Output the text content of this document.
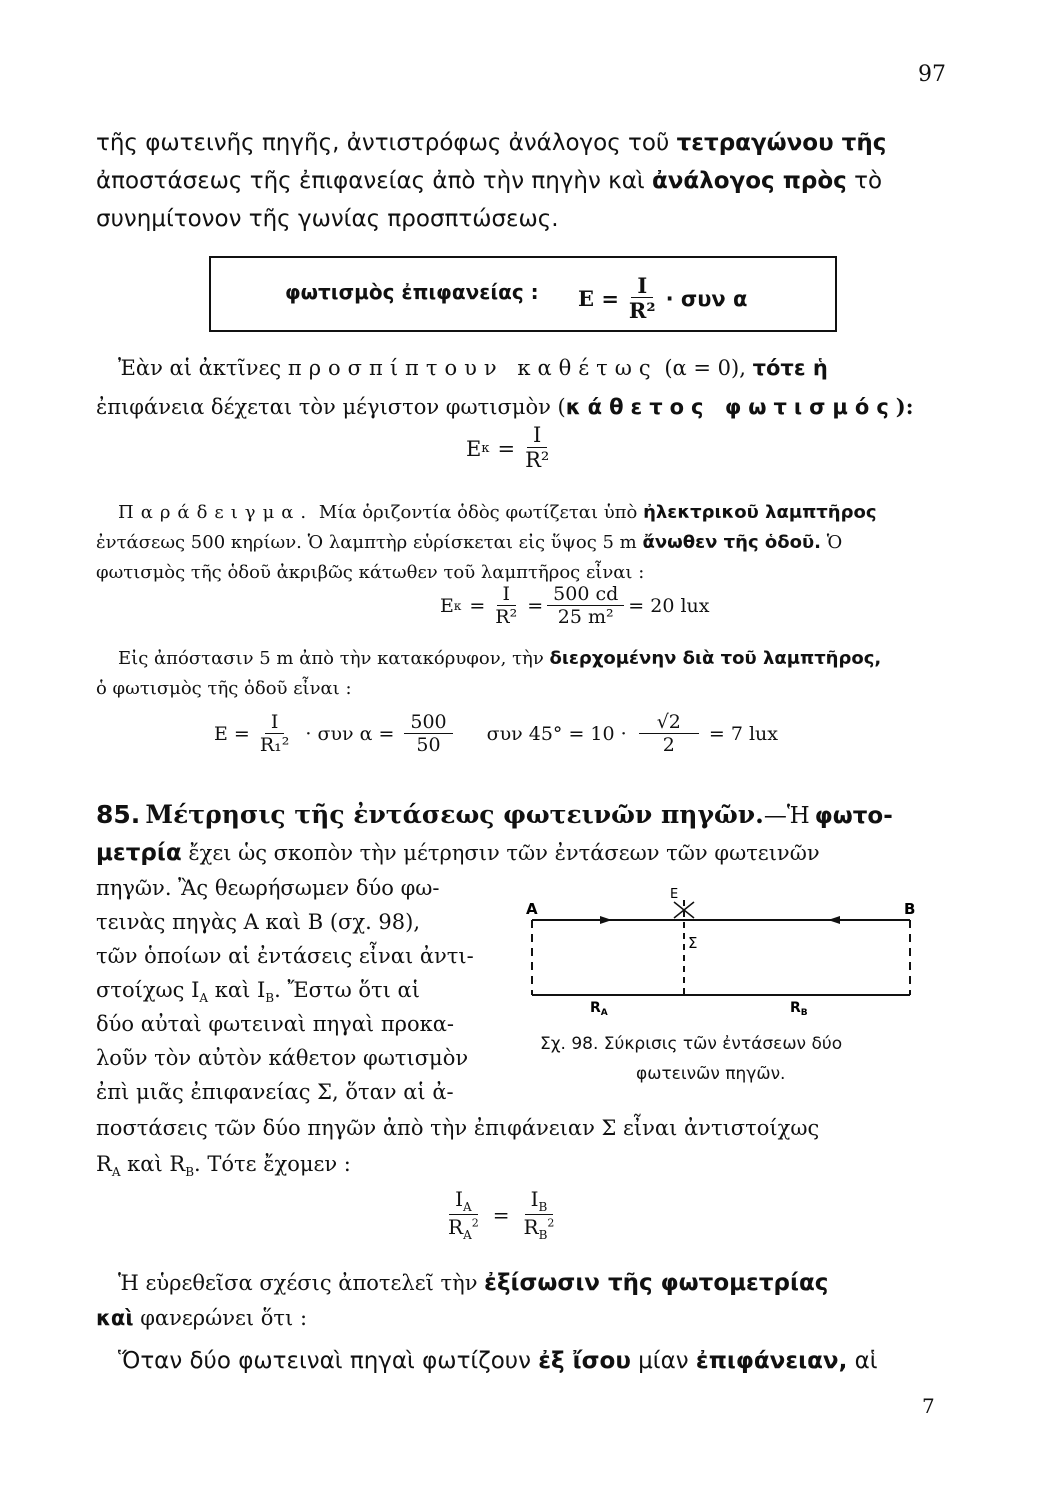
97
τῆς φωτεινῆς πηγῆς, ἀντιστρόφως ἀνάλογος τοῦ τετραγώνου τῆς
ἀποστάσεως τῆς ἐπιφανείας ἀπὸ τὴν πηγὴν καὶ ἀνάλογος πρὸς τὸ
συνημίτονον τῆς γωνίας προσπτώσεως.
φωτισμὸς ἐπιφανείας : $E = \frac{I}{\text{R²}} \cdot \sigma\upsilon\nu$ α
Ἐὰν αἱ ἀκτῖνες προσπίπτουν καθέτως (α = 0), τότε ἡ
ἐπιφάνεια δέχεται τὸν μέγιστον φωτισμὸν (κάθετος φωτισμός):
E $\kappa = \frac{I}{\text{R²}}$
Παράδειγμα. Μία ὁριζοντία ὁδὸς φωτίζεται ὑπὸ ἠλεκτρικοῦ λαμπτῆρος
ἐντάσεως 500 κηρίων. Ὁ λαμπτὴρ εὑρίσκεται εἰς ὕψος 5 m ἄνωθεν τῆς ὁδοῦ. Ὁ
φωτισμὸς τῆς ὁδοῦ ἀκριβῶς κάτωθεν τοῦ λαμπτῆρος εἶναι :
E $\kappa = \frac{I}{\text{R²}} = \frac{500 cd}{\text{25 m²}} = 20$ lux
Εἰς ἀπόστασιν 5 m ἀπὸ τὴν κατακόρυφον, τὴν διερχομένην διὰ τοῦ λαμπτῆρος,
ὁ φωτισμὸς τῆς ὁδοῦ εἶναι :
$E = \frac{I}{\text{R₁²}} \cdot \sigma\upsilon\nu$ $\alpha = \frac{500}{50}$ συν $45^\circ = 10 \cdot \frac{√2}{2} = 7$ lux
85. Μέτρησις τῆς ἐντάσεως φωτεινῶν πηγῶν.—Ἡ φωτο-
μετρία ἔχει ὡς σκοπὸν τὴν μέτρησιν τῶν ἐντάσεων τῶν φωτεινῶν
πηγῶν. Ἂς θεωρήσωμεν δύο φω-
τεινὰς πηγὰς A καὶ B (σχ. 98),
τῶν ὁποίων αἱ ἐντάσεις εἶναι ἀντι-
στοίχως $I_A$ καὶ $I_B$. Ἔστω ὅτι αἱ
δύο αὐταὶ φωτειναὶ πηγαὶ προκα-
λοῦν τὸν αὐτὸν κάθετον φωτισμὸν
ἐπὶ μιᾶς ἐπιφανείας Σ, ὅταν αἱ ἀ-
ποστάσεις τῶν δύο πηγῶν ἀπὸ τὴν ἐπιφάνειαν Σ εἶναι ἀντιστοίχως
$R_A$ καὶ $R_B$. Τότε ἔχομεν :
A	B
Σ
E
$R_A$	$R_B$
Σχ. 98. Σύκρισις τῶν ἐντάσεων δύο
φωτεινῶν πηγῶν.
$\frac{I_A}{R_A^2} = \frac{I_B}{R_B^2}$
Ἡ εὑρεθεῖσα σχέσις ἀποτελεῖ τὴν ἐξίσωσιν τῆς φωτομετρίας
καὶ φανερώνει ὅτι :
Ὅταν δύο φωτειναὶ πηγαὶ φωτίζουν ἐξ ἴσου μίαν ἐπιφάνειαν, αἱ
7
